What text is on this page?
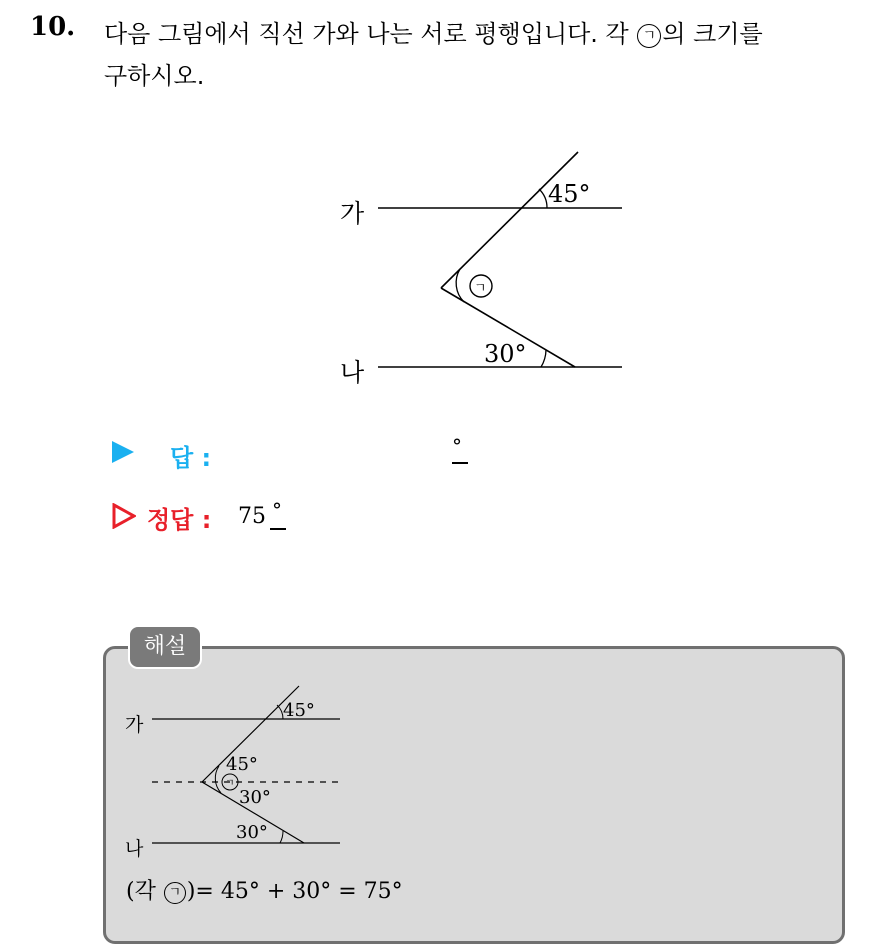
10. 다음 그림에서 직선 가와 나는 서로 평행입니다. 각 ㄱ 의 크기를
구하시오.
가
나
45°
30°
ㄱ
답 :	°
정답 : 75 °
해설
가
나
45°
45°
30°
30°
ㄱ
(각 ㄱ )= 45° + 30° = 75°
